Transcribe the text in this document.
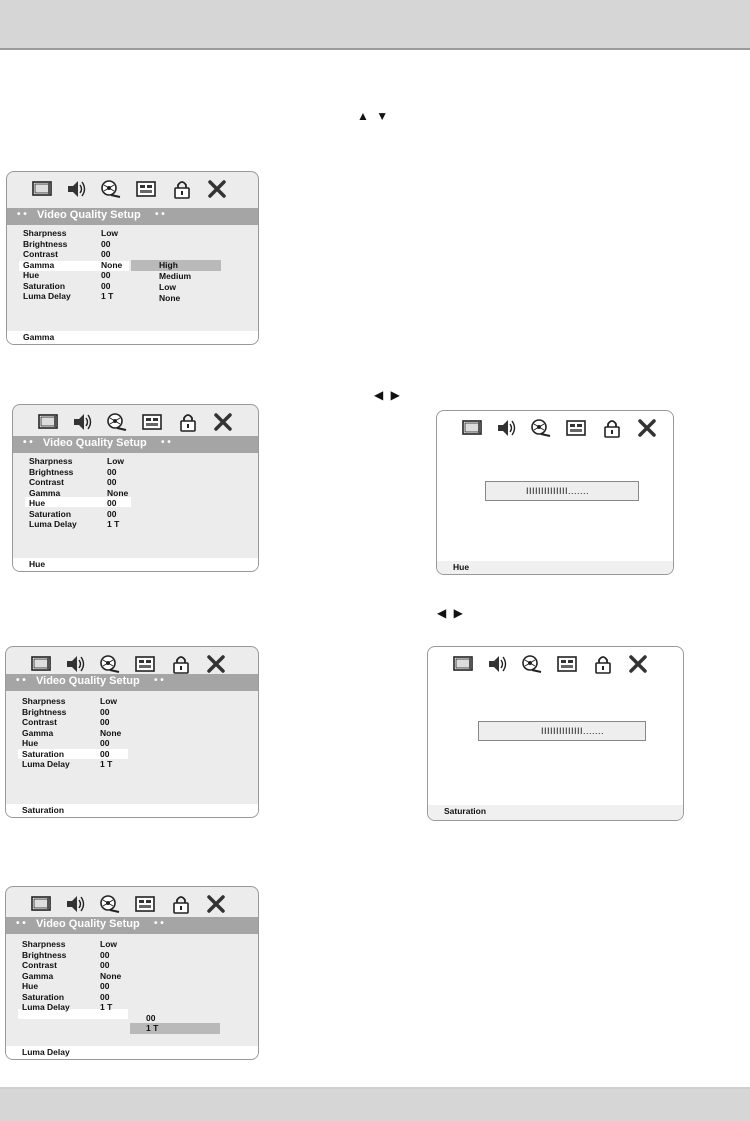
▲ ▼
◀ ▶
◀ ▶
• • Video Quality Setup • •
Sharpness	Low
Brightness	00
Contrast	00
Gamma	None
Hue	00
Saturation	00
Luma Delay	1 T
High
Medium
Low
None
Gamma
• • Video Quality Setup • •
Sharpness	Low
Brightness	00
Contrast	00
Gamma	None
Hue	00
Saturation	00
Luma Delay	1 T
Hue
IIIIIIIIIIIIII.......
Hue
• • Video Quality Setup • •
Sharpness	Low
Brightness	00
Contrast	00
Gamma	None
Hue	00
Saturation	00
Luma Delay	1 T
Saturation
IIIIIIIIIIIIII.......
Saturation
• • Video Quality Setup • •
Sharpness	Low
Brightness	00
Contrast	00
Gamma	None
Hue	00
Saturation	00
Luma Delay	1 T
00
1 T
Luma Delay
